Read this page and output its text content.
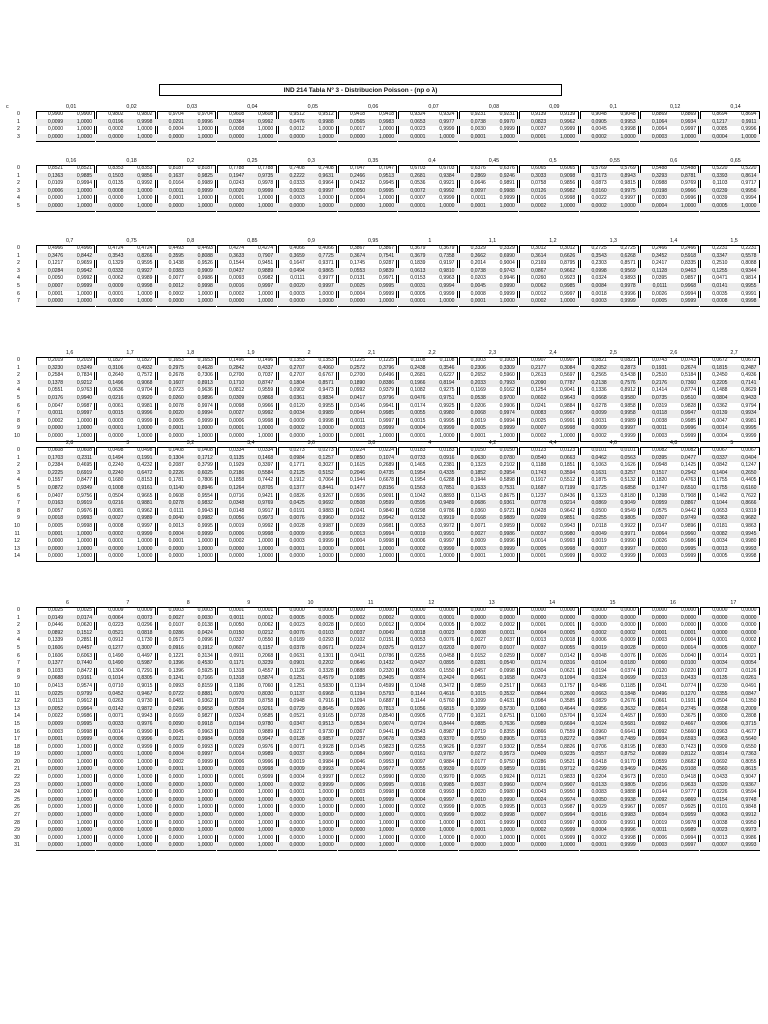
IND 214 Tabla Nº 3 - Distribucion Poisson - (np o λ)
c	0,01	0,02	0,03	0,04	0,05	0,06	0,07	0,08	0,09	0,1	0,12	0,14
0	0,9900	0,9900	0,9802	0,9802	0,9704	0,9704	0,9608	0,9608	0,9512	0,9512	0,9418	0,9418	0,9324	0,9324	0,9231	0,9231	0,9139	0,9139	0,9048	0,9048	0,8869	0,8869	0,8694	0,8694
1	0,0099	1,0000	0,0196	0,9998	0,0291	0,9996	0,0384	0,9992	0,0476	0,9988	0,0565	0,9983	0,0653	0,9977	0,0738	0,9970	0,0823	0,9962	0,0905	0,9953	0,1064	0,9934	0,1217	0,9911
2	0,0000	1,0000	0,0002	1,0000	0,0004	1,0000	0,0008	1,0000	0,0012	1,0000	0,0017	1,0000	0,0023	0,9999	0,0030	0,9999	0,0037	0,9999	0,0045	0,9998	0,0064	0,9997	0,0085	0,9996
3	0,0000	1,0000	0,0000	1,0000	0,0000	1,0000	0,0000	1,0000	0,0000	1,0000	0,0000	1,0000	0,0001	1,0000	0,0001	1,0000	0,0001	1,0000	0,0002	1,0000	0,0003	1,0000	0,0004	1,0000
0,16	0,18	0,2	0,25	0,3	0,35	0,4	0,45	0,5	0,55	0,6	0,65
0	0,8521	0,8521	0,8353	0,8353	0,8187	0,8187	0,7788	0,7788	0,7408	0,7408	0,7047	0,7047	0,6703	0,6703	0,6376	0,6376	0,6065	0,6065	0,5769	0,5769	0,5488	0,5488	0,5220	0,5220
1	0,1363	0,9885	0,1503	0,9856	0,1637	0,9825	0,1947	0,9735	0,2222	0,9631	0,2466	0,9513	0,2681	0,9384	0,2869	0,9246	0,3033	0,9098	0,3173	0,8943	0,3293	0,8781	0,3393	0,8614
2	0,0109	0,9994	0,0135	0,9992	0,0164	0,9989	0,0243	0,9978	0,0333	0,9964	0,0432	0,9945	0,0536	0,9921	0,0646	0,9891	0,0758	0,9856	0,0873	0,9815	0,0988	0,9769	0,1103	0,9717
3	0,0006	1,0000	0,0008	1,0000	0,0011	0,9999	0,0020	0,9999	0,0033	0,9997	0,0050	0,9995	0,0072	0,9992	0,0097	0,9988	0,0126	0,9982	0,0160	0,9975	0,0198	0,9966	0,0239	0,9956
4	0,0000	1,0000	0,0000	1,0000	0,0001	1,0000	0,0001	1,0000	0,0003	1,0000	0,0004	1,0000	0,0007	0,9999	0,0011	0,9999	0,0016	0,9998	0,0022	0,9997	0,0030	0,9996	0,0039	0,9994
5	0,0000	1,0000	0,0000	1,0000	0,0000	1,0000	0,0000	1,0000	0,0000	1,0000	0,0000	1,0000	0,0001	1,0000	0,0001	1,0000	0,0002	1,0000	0,0002	1,0000	0,0004	1,0000	0,0005	1,0000
0,7	0,75	0,8	0,85	0,9	0,95	1	1,1	1,2	1,3	1,4	1,5
0	0,4966	0,4966	0,4724	0,4724	0,4493	0,4493	0,4274	0,4274	0,4066	0,4066	0,3867	0,3867	0,3679	0,3679	0,3329	0,3329	0,3012	0,3012	0,2725	0,2725	0,2466	0,2466	0,2231	0,2231
1	0,3476	0,8442	0,3543	0,8266	0,3595	0,8088	0,3633	0,7907	0,3659	0,7725	0,3674	0,7541	0,3679	0,7358	0,3662	0,6990	0,3614	0,6626	0,3543	0,6268	0,3452	0,5918	0,3347	0,5578
2	0,1217	0,9659	0,1329	0,9595	0,1438	0,9526	0,1544	0,9451	0,1647	0,9371	0,1745	0,9287	0,1839	0,9197	0,2014	0,9004	0,2169	0,8795	0,2303	0,8571	0,2417	0,8335	0,2510	0,8088
3	0,0284	0,9942	0,0332	0,9927	0,0383	0,9909	0,0437	0,9889	0,0494	0,9865	0,0553	0,9839	0,0613	0,9810	0,0738	0,9743	0,0867	0,9662	0,0998	0,9569	0,1128	0,9463	0,1255	0,9344
4	0,0050	0,9992	0,0062	0,9989	0,0077	0,9986	0,0093	0,9982	0,0111	0,9977	0,0131	0,9971	0,0153	0,9963	0,0203	0,9946	0,0260	0,9923	0,0324	0,9893	0,0395	0,9857	0,0471	0,9814
5	0,0007	0,9999	0,0009	0,9998	0,0012	0,9998	0,0016	0,9997	0,0020	0,9997	0,0025	0,9995	0,0031	0,9994	0,0045	0,9990	0,0062	0,9985	0,0084	0,9978	0,0111	0,9968	0,0141	0,9955
6	0,0001	1,0000	0,0001	1,0000	0,0002	1,0000	0,0002	1,0000	0,0003	1,0000	0,0004	0,9999	0,0005	0,9999	0,0008	0,9999	0,0012	0,9997	0,0018	0,9996	0,0026	0,9994	0,0035	0,9991
7	0,0000	1,0000	0,0000	1,0000	0,0000	1,0000	0,0000	1,0000	0,0000	1,0000	0,0000	1,0000	0,0001	1,0000	0,0001	1,0000	0,0002	1,0000	0,0003	0,9999	0,0005	0,9999	0,0008	0,9998
1,6	1,7	1,8	1,9	2	2,1	2,2	2,3	2,4	2,5	2,6	2,7
0	0,2019	0,2019	0,1827	0,1827	0,1653	0,1653	0,1496	0,1496	0,1353	0,1353	0,1225	0,1225	0,1108	0,1108	0,1003	0,1003	0,0907	0,0907	0,0821	0,0821	0,0743	0,0743	0,0672	0,0672
1	0,3230	0,5249	0,3106	0,4932	0,2975	0,4628	0,2842	0,4337	0,2707	0,4060	0,2572	0,3796	0,2438	0,3546	0,2306	0,3309	0,2177	0,3084	0,2052	0,2873	0,1931	0,2674	0,1815	0,2487
2	0,2584	0,7834	0,2640	0,7572	0,2678	0,7306	0,2700	0,7037	0,2707	0,6767	0,2700	0,6496	0,2681	0,6227	0,2652	0,5960	0,2613	0,5697	0,2565	0,5438	0,2510	0,5184	0,2450	0,4936
3	0,1378	0,9212	0,1496	0,9068	0,1607	0,8913	0,1710	0,8747	0,1804	0,8571	0,1890	0,8386	0,1966	0,8194	0,2033	0,7993	0,2090	0,7787	0,2138	0,7576	0,2176	0,7360	0,2205	0,7141
4	0,0551	0,9763	0,0636	0,9704	0,0723	0,9636	0,0812	0,9559	0,0902	0,9473	0,0992	0,9379	0,1082	0,9275	0,1169	0,9162	0,1254	0,9041	0,1336	0,8912	0,1414	0,8774	0,1488	0,8629
5	0,0176	0,9940	0,0216	0,9920	0,0260	0,9896	0,0309	0,9868	0,0361	0,9834	0,0417	0,9796	0,0476	0,9751	0,0538	0,9700	0,0602	0,9643	0,0668	0,9580	0,0735	0,9510	0,0804	0,9433
6	0,0047	0,9987	0,0061	0,9981	0,0078	0,9974	0,0098	0,9966	0,0120	0,9955	0,0146	0,9941	0,0174	0,9925	0,0206	0,9906	0,0241	0,9884	0,0278	0,9858	0,0319	0,9828	0,0362	0,9794
7	0,0011	0,9997	0,0015	0,9996	0,0020	0,9994	0,0027	0,9992	0,0034	0,9989	0,0044	0,9985	0,0055	0,9980	0,0068	0,9974	0,0083	0,9967	0,0099	0,9958	0,0118	0,9947	0,0139	0,9934
8	0,0002	1,0000	0,0003	0,9999	0,0005	0,9999	0,0006	0,9998	0,0009	0,9998	0,0011	0,9997	0,0015	0,9995	0,0019	0,9994	0,0025	0,9991	0,0031	0,9989	0,0038	0,9985	0,0047	0,9981
9	0,0000	1,0000	0,0001	1,0000	0,0001	1,0000	0,0001	1,0000	0,0002	1,0000	0,0003	0,9999	0,0004	0,9999	0,0005	0,9999	0,0007	0,9998	0,0009	0,9997	0,0011	0,9996	0,0014	0,9995
10	0,0000	1,0000	0,0000	1,0000	0,0000	1,0000	0,0000	1,0000	0,0000	1,0000	0,0001	1,0000	0,0001	1,0000	0,0001	1,0000	0,0002	1,0000	0,0002	0,9999	0,0003	0,9999	0,0004	0,9999
2,8	3	3,2	3,4	3,6	3,8	4	4,2	4,4	4,6	4,8	5
0	0,0608	0,0608	0,0498	0,0498	0,0408	0,0408	0,0334	0,0334	0,0273	0,0273	0,0224	0,0224	0,0183	0,0183	0,0150	0,0150	0,0123	0,0123	0,0101	0,0101	0,0082	0,0082	0,0067	0,0067
1	0,1703	0,2311	0,1494	0,1991	0,1304	0,1712	0,1135	0,1468	0,0984	0,1257	0,0850	0,1074	0,0733	0,0916	0,0630	0,0780	0,0540	0,0663	0,0462	0,0563	0,0395	0,0477	0,0337	0,0404
2	0,2384	0,4695	0,2240	0,4232	0,2087	0,3799	0,1929	0,3397	0,1771	0,3027	0,1615	0,2689	0,1465	0,2381	0,1323	0,2102	0,1188	0,1851	0,1063	0,1626	0,0948	0,1425	0,0842	0,1247
3	0,2225	0,6919	0,2240	0,6472	0,2226	0,6025	0,2186	0,5584	0,2125	0,5152	0,2046	0,4735	0,1954	0,4335	0,1852	0,3954	0,1743	0,3594	0,1631	0,3257	0,1517	0,2942	0,1404	0,2650
4	0,1557	0,8477	0,1680	0,8153	0,1781	0,7806	0,1858	0,7442	0,1912	0,7064	0,1944	0,6678	0,1954	0,6288	0,1944	0,5898	0,1917	0,5512	0,1875	0,5132	0,1820	0,4763	0,1755	0,4405
5	0,0872	0,9349	0,1008	0,9161	0,1140	0,8946	0,1264	0,8705	0,1377	0,8441	0,1477	0,8156	0,1563	0,7851	0,1633	0,7531	0,1687	0,7199	0,1725	0,6858	0,1747	0,6510	0,1755	0,6160
6	0,0407	0,9756	0,0504	0,9665	0,0608	0,9554	0,0716	0,9421	0,0826	0,9267	0,0936	0,9091	0,1042	0,8893	0,1143	0,8675	0,1237	0,8436	0,1323	0,8180	0,1398	0,7908	0,1462	0,7622
7	0,0163	0,9919	0,0216	0,9881	0,0278	0,9832	0,0348	0,9769	0,0425	0,9692	0,0508	0,9599	0,0595	0,9489	0,0686	0,9361	0,0778	0,9214	0,0869	0,9049	0,0959	0,8867	0,1044	0,8666
8	0,0057	0,9976	0,0081	0,9962	0,0111	0,9943	0,0148	0,9917	0,0191	0,9883	0,0241	0,9840	0,0298	0,9786	0,0360	0,9721	0,0428	0,9642	0,0500	0,9549	0,0575	0,9442	0,0653	0,9319
9	0,0018	0,9993	0,0027	0,9989	0,0040	0,9982	0,0056	0,9973	0,0076	0,9960	0,0102	0,9942	0,0132	0,9919	0,0168	0,9889	0,0209	0,9851	0,0255	0,9805	0,0307	0,9749	0,0363	0,9682
10	0,0005	0,9998	0,0008	0,9997	0,0013	0,9995	0,0019	0,9992	0,0028	0,9987	0,0039	0,9981	0,0053	0,9972	0,0071	0,9959	0,0092	0,9943	0,0118	0,9922	0,0147	0,9896	0,0181	0,9863
11	0,0001	1,0000	0,0002	0,9999	0,0004	0,9999	0,0006	0,9998	0,0009	0,9996	0,0013	0,9994	0,0019	0,9991	0,0027	0,9986	0,0037	0,9980	0,0049	0,9971	0,0064	0,9960	0,0082	0,9945
12	0,0000	1,0000	0,0001	1,0000	0,0001	1,0000	0,0002	1,0000	0,0003	0,9999	0,0004	0,9998	0,0006	0,9997	0,0009	0,9996	0,0014	0,9993	0,0019	0,9990	0,0026	0,9986	0,0034	0,9980
13	0,0000	1,0000	0,0000	1,0000	0,0000	1,0000	0,0000	1,0000	0,0001	1,0000	0,0001	1,0000	0,0002	0,9999	0,0003	0,9999	0,0005	0,9998	0,0007	0,9997	0,0010	0,9995	0,0013	0,9993
14	0,0000	1,0000	0,0000	1,0000	0,0000	1,0000	0,0000	1,0000	0,0000	1,0000	0,0000	1,0000	0,0001	1,0000	0,0001	1,0000	0,0001	0,9999	0,0002	0,9999	0,0003	0,9999	0,0005	0,9998
6	7	8	9	10	11	12	13	14	15	16	17
0	0,0025	0,0025	0,0009	0,0009	0,0003	0,0003	0,0001	0,0001	0,0000	0,0000	0,0000	0,0000	0,0000	0,0000	0,0000	0,0000	0,0000	0,0000	0,0000	0,0000	0,0000	0,0000	0,0000	0,0000
1	0,0149	0,0174	0,0064	0,0073	0,0027	0,0030	0,0011	0,0012	0,0005	0,0005	0,0002	0,0002	0,0001	0,0001	0,0000	0,0000	0,0000	0,0000	0,0000	0,0000	0,0000	0,0000	0,0000	0,0000
2	0,0446	0,0620	0,0223	0,0296	0,0107	0,0138	0,0050	0,0062	0,0023	0,0028	0,0010	0,0012	0,0004	0,0005	0,0002	0,0002	0,0001	0,0001	0,0000	0,0000	0,0000	0,0000	0,0000	0,0000
3	0,0892	0,1512	0,0521	0,0818	0,0286	0,0424	0,0150	0,0212	0,0076	0,0103	0,0037	0,0049	0,0018	0,0023	0,0008	0,0011	0,0004	0,0005	0,0002	0,0002	0,0001	0,0001	0,0000	0,0000
4	0,1339	0,2851	0,0912	0,1730	0,0573	0,0996	0,0337	0,0550	0,0189	0,0293	0,0102	0,0151	0,0053	0,0076	0,0027	0,0037	0,0013	0,0018	0,0006	0,0009	0,0003	0,0004	0,0001	0,0002
5	0,1606	0,4457	0,1277	0,3007	0,0916	0,1912	0,0607	0,1157	0,0378	0,0671	0,0224	0,0375	0,0127	0,0203	0,0070	0,0107	0,0037	0,0055	0,0019	0,0028	0,0010	0,0014	0,0005	0,0007
6	0,1606	0,6063	0,1490	0,4497	0,1221	0,3134	0,0911	0,2068	0,0631	0,1301	0,0411	0,0786	0,0255	0,0458	0,0152	0,0259	0,0087	0,0142	0,0048	0,0076	0,0026	0,0040	0,0014	0,0021
7	0,1377	0,7440	0,1490	0,5987	0,1396	0,4530	0,1171	0,3239	0,0901	0,2202	0,0646	0,1432	0,0437	0,0895	0,0281	0,0540	0,0174	0,0316	0,0104	0,0180	0,0060	0,0100	0,0034	0,0054
8	0,1033	0,8472	0,1304	0,7291	0,1396	0,5925	0,1318	0,4557	0,1126	0,3328	0,0888	0,2320	0,0655	0,1550	0,0457	0,0998	0,0304	0,0621	0,0194	0,0374	0,0120	0,0220	0,0072	0,0126
9	0,0688	0,9161	0,1014	0,8305	0,1241	0,7166	0,1318	0,5874	0,1251	0,4579	0,1085	0,3405	0,0874	0,2424	0,0661	0,1658	0,0473	0,1094	0,0324	0,0699	0,0213	0,0433	0,0135	0,0261
10	0,0413	0,9574	0,0710	0,9015	0,0993	0,8159	0,1186	0,7060	0,1251	0,5830	0,1194	0,4599	0,1048	0,3472	0,0859	0,2517	0,0663	0,1757	0,0486	0,1185	0,0341	0,0774	0,0230	0,0491
11	0,0225	0,9799	0,0452	0,9467	0,0722	0,8881	0,0970	0,8030	0,1137	0,6968	0,1194	0,5793	0,1144	0,4616	0,1015	0,3532	0,0844	0,2600	0,0663	0,1848	0,0496	0,1270	0,0355	0,0847
12	0,0113	0,9912	0,0263	0,9730	0,0481	0,9362	0,0728	0,8758	0,0948	0,7916	0,1094	0,6887	0,1144	0,5760	0,1099	0,4631	0,0984	0,3585	0,0829	0,2676	0,0661	0,1931	0,0504	0,1350
13	0,0052	0,9964	0,0142	0,9872	0,0296	0,9658	0,0504	0,9261	0,0729	0,8645	0,0926	0,7813	0,1056	0,6815	0,1099	0,5730	0,1060	0,4644	0,0956	0,3632	0,0814	0,2745	0,0658	0,2009
14	0,0022	0,9986	0,0071	0,9943	0,0169	0,9827	0,0324	0,9585	0,0521	0,9165	0,0728	0,8540	0,0905	0,7720	0,1021	0,6751	0,1060	0,5704	0,1024	0,4657	0,0930	0,3675	0,0800	0,2808
15	0,0009	0,9995	0,0033	0,9976	0,0090	0,9918	0,0194	0,9780	0,0347	0,9513	0,0534	0,9074	0,0724	0,8444	0,0885	0,7636	0,0989	0,6694	0,1024	0,5681	0,0992	0,4667	0,0906	0,3715
16	0,0003	0,9998	0,0014	0,9990	0,0045	0,9963	0,0109	0,9889	0,0217	0,9730	0,0367	0,9441	0,0543	0,8987	0,0719	0,8355	0,0866	0,7559	0,0960	0,6641	0,0992	0,5660	0,0963	0,4677
17	0,0001	0,9999	0,0006	0,9996	0,0021	0,9984	0,0058	0,9947	0,0128	0,9857	0,0237	0,9678	0,0383	0,9370	0,0550	0,8905	0,0713	0,8272	0,0847	0,7489	0,0934	0,6593	0,0963	0,5640
18	0,0000	1,0000	0,0002	0,9999	0,0009	0,9993	0,0029	0,9976	0,0071	0,9928	0,0145	0,9823	0,0255	0,9626	0,0397	0,9302	0,0554	0,8826	0,0706	0,8195	0,0830	0,7423	0,0909	0,6550
19	0,0000	1,0000	0,0001	1,0000	0,0004	0,9997	0,0014	0,9989	0,0037	0,9965	0,0084	0,9907	0,0161	0,9787	0,0272	0,9573	0,0409	0,9235	0,0557	0,8752	0,0699	0,8122	0,0814	0,7363
20	0,0000	1,0000	0,0000	1,0000	0,0002	0,9999	0,0006	0,9996	0,0019	0,9984	0,0046	0,9953	0,0097	0,9884	0,0177	0,9750	0,0286	0,9521	0,0418	0,9170	0,0559	0,8682	0,0692	0,8055
21	0,0000	1,0000	0,0000	1,0000	0,0001	1,0000	0,0003	0,9998	0,0009	0,9993	0,0024	0,9977	0,0055	0,9939	0,0109	0,9859	0,0191	0,9712	0,0299	0,9469	0,0426	0,9108	0,0560	0,8615
22	0,0000	1,0000	0,0000	1,0000	0,0000	1,0000	0,0001	0,9999	0,0004	0,9997	0,0012	0,9990	0,0030	0,9970	0,0065	0,9924	0,0121	0,9833	0,0204	0,9673	0,0310	0,9418	0,0433	0,9047
23	0,0000	1,0000	0,0000	1,0000	0,0000	1,0000	0,0000	1,0000	0,0002	0,9999	0,0006	0,9995	0,0016	0,9985	0,0037	0,9960	0,0074	0,9907	0,0133	0,9805	0,0216	0,9633	0,0320	0,9367
24	0,0000	1,0000	0,0000	1,0000	0,0000	1,0000	0,0000	1,0000	0,0001	1,0000	0,0003	0,9998	0,0008	0,9993	0,0020	0,9980	0,0043	0,9950	0,0083	0,9888	0,0144	0,9777	0,0226	0,9594
25	0,0000	1,0000	0,0000	1,0000	0,0000	1,0000	0,0000	1,0000	0,0000	1,0000	0,0001	0,9999	0,0004	0,9997	0,0010	0,9990	0,0024	0,9974	0,0050	0,9938	0,0092	0,9869	0,0154	0,9748
26	0,0000	1,0000	0,0000	1,0000	0,0000	1,0000	0,0000	1,0000	0,0000	1,0000	0,0000	1,0000	0,0002	0,9999	0,0005	0,9995	0,0013	0,9987	0,0029	0,9967	0,0057	0,9925	0,0101	0,9848
27	0,0000	1,0000	0,0000	1,0000	0,0000	1,0000	0,0000	1,0000	0,0000	1,0000	0,0000	1,0000	0,0001	0,9999	0,0002	0,9998	0,0007	0,9994	0,0016	0,9983	0,0034	0,9959	0,0063	0,9912
28	0,0000	1,0000	0,0000	1,0000	0,0000	1,0000	0,0000	1,0000	0,0000	1,0000	0,0000	1,0000	0,0000	1,0000	0,0001	0,9999	0,0003	0,9997	0,0009	0,9991	0,0019	0,9978	0,0038	0,9950
29	0,0000	1,0000	0,0000	1,0000	0,0000	1,0000	0,0000	1,0000	0,0000	1,0000	0,0000	1,0000	0,0000	1,0000	0,0001	1,0000	0,0002	0,9999	0,0004	0,9996	0,0011	0,9989	0,0023	0,9973
30	0,0000	1,0000	0,0000	1,0000	0,0000	1,0000	0,0000	1,0000	0,0000	1,0000	0,0000	1,0000	0,0000	1,0000	0,0000	1,0000	0,0001	0,9999	0,0002	0,9998	0,0006	0,9994	0,0013	0,9986
31	0,0000	1,0000	0,0000	1,0000	0,0000	1,0000	0,0000	1,0000	0,0000	1,0000	0,0000	1,0000	0,0000	1,0000	0,0000	1,0000	0,0000	1,0000	0,0001	0,9999	0,0003	0,9997	0,0007	0,9993
